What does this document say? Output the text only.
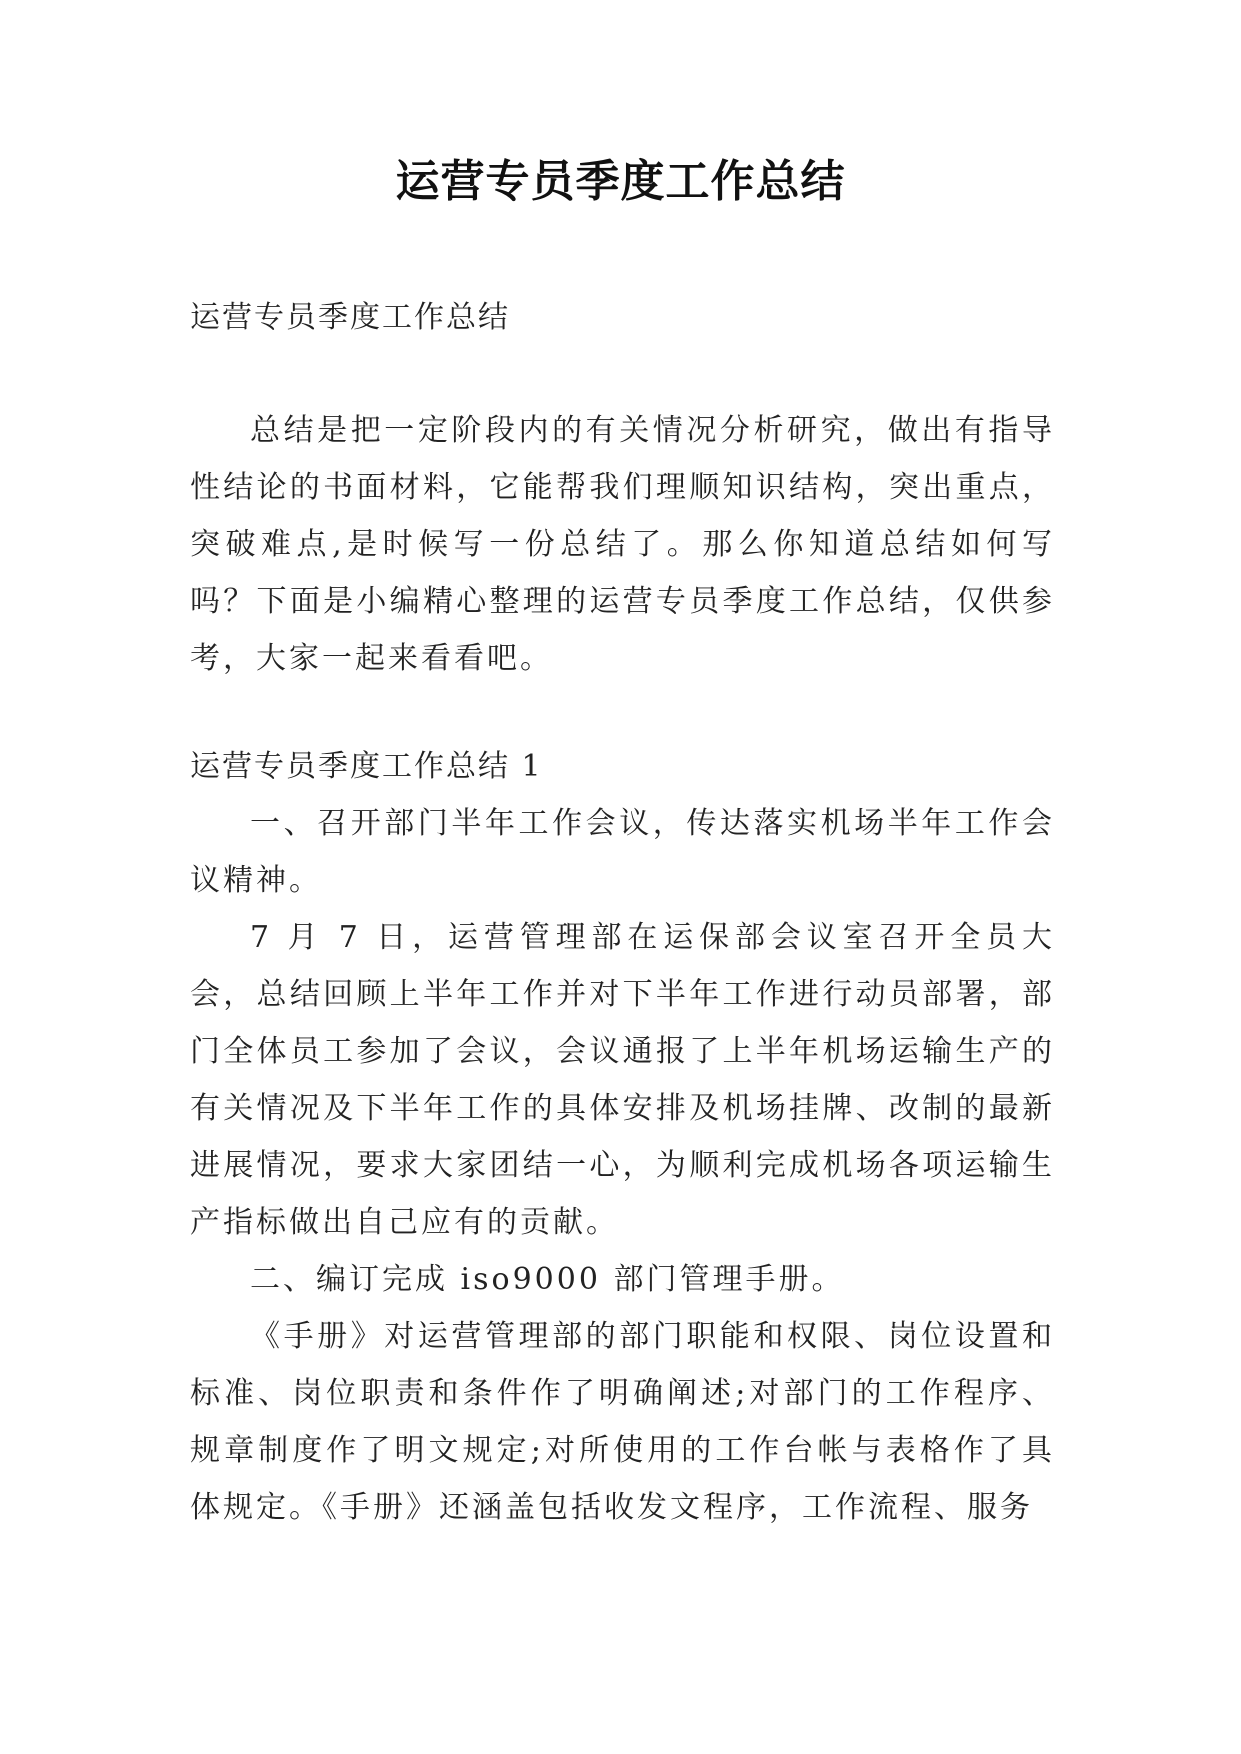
运营专员季度工作总结

运营专员季度工作总结

总结是把一定阶段内的有关情况分析研究，做出有指导性结论的书面材料，它能帮我们理顺知识结构，突出重点，突破难点,是时候写一份总结了。那么你知道总结如何写吗？下面是小编精心整理的运营专员季度工作总结，仅供参考，大家一起来看看吧。

运营专员季度工作总结 1

一、召开部门半年工作会议，传达落实机场半年工作会议精神。

7 月 7 日，运营管理部在运保部会议室召开全员大会，总结回顾上半年工作并对下半年工作进行动员部署，部门全体员工参加了会议，会议通报了上半年机场运输生产的有关情况及下半年工作的具体安排及机场挂牌、改制的最新进展情况，要求大家团结一心，为顺利完成机场各项运输生产指标做出自己应有的贡献。

二、编订完成 iso9000 部门管理手册。

《手册》对运营管理部的部门职能和权限、岗位设置和标准、岗位职责和条件作了明确阐述;对部门的工作程序、规章制度作了明文规定;对所使用的工作台帐与表格作了具体规定。《手册》还涵盖包括收发文程序，工作流程、服务
